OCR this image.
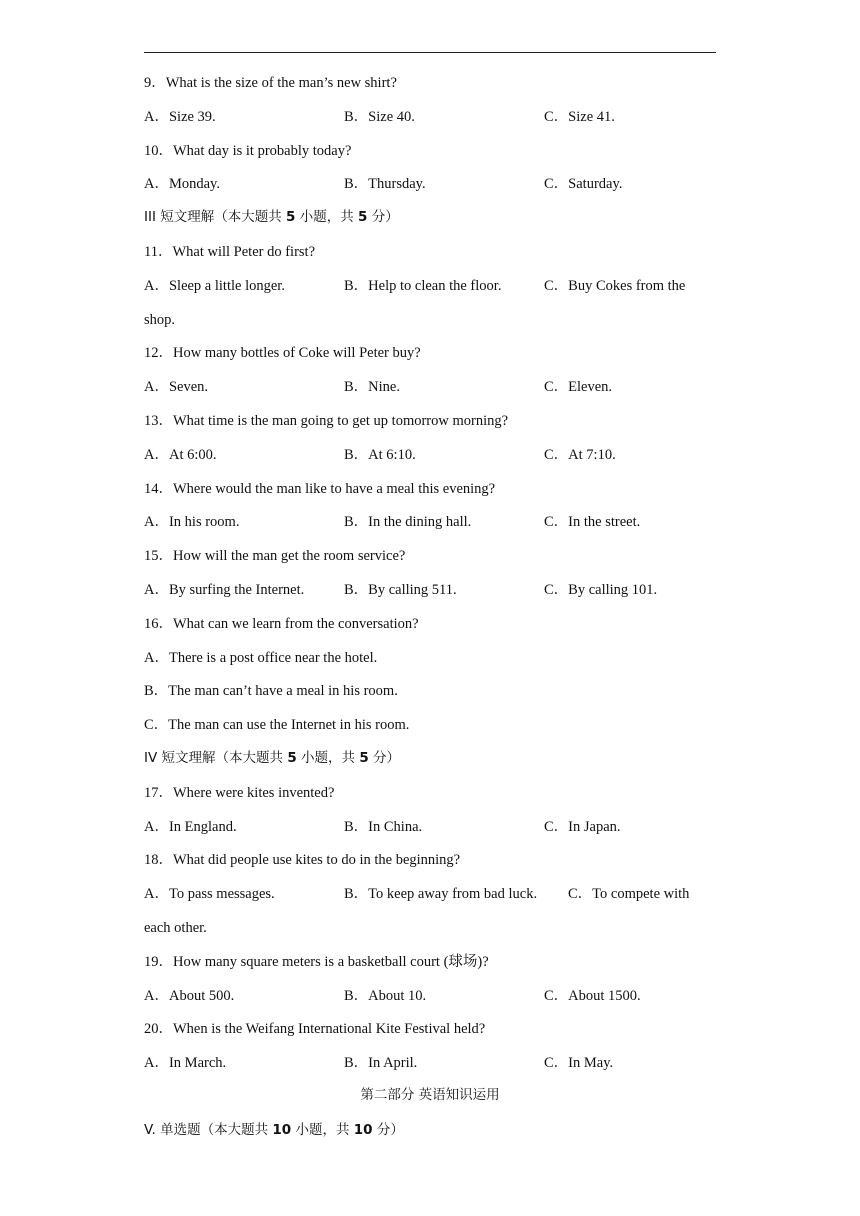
9．What is the size of the man’s new shirt?
A．Size 39.	B．Size 40.	C．Size 41.
10．What day is it probably today?
A．Monday.	B．Thursday.	C．Saturday.
III 短文理解（本大题共 5 小题，共 5 分）
11．What will Peter do first?
A．Sleep a little longer.	B．Help to clean the floor.	C．Buy Cokes from the
shop.
12．How many bottles of Coke will Peter buy?
A．Seven.	B．Nine.	C．Eleven.
13．What time is the man going to get up tomorrow morning?
A．At 6:00.	B．At 6:10.	C．At 7:10.
14．Where would the man like to have a meal this evening?
A．In his room.	B．In the dining hall.	C．In the street.
15．How will the man get the room service?
A．By surfing the Internet.	B．By calling 511.	C．By calling 101.
16．What can we learn from the conversation?
A．There is a post office near the hotel.
B．The man can’t have a meal in his room.
C．The man can use the Internet in his room.
IV 短文理解（本大题共 5 小题，共 5 分）
17．Where were kites invented?
A．In England.	B．In China.	C．In Japan.
18．What did people use kites to do in the beginning?
A．To pass messages.	B．To keep away from bad luck. C．To compete with
each other.
19．How many square meters is a basketball court (球场)?
A．About 500.	B．About 10.	C．About 1500.
20．When is the Weifang International Kite Festival held?
A．In March.	B．In April.	C．In May.
第二部分 英语知识运用
V. 单选题（本大题共 10 小题，共 10 分）
